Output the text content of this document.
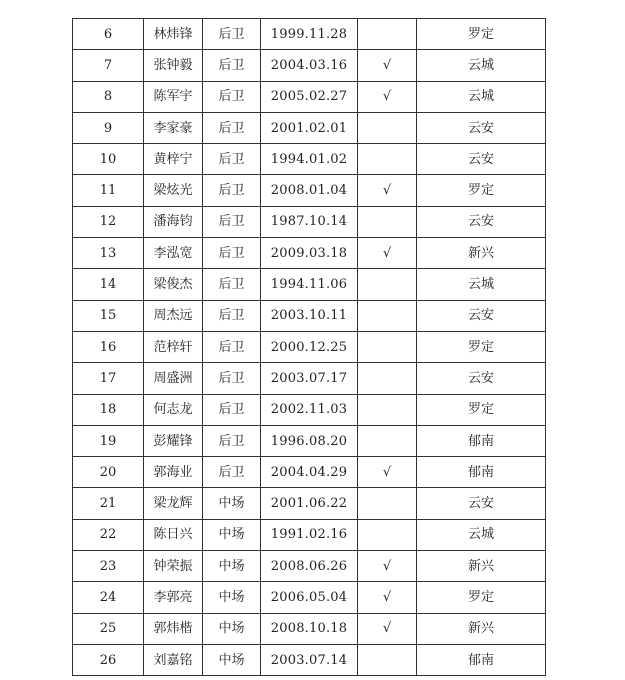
6	林炜锋	后卫	1999.11.28		罗定
7	张钟毅	后卫	2004.03.16	√	云城
8	陈军宇	后卫	2005.02.27	√	云城
9	李家豪	后卫	2001.02.01		云安
10	黄梓宁	后卫	1994.01.02		云安
11	梁炫光	后卫	2008.01.04	√	罗定
12	潘海钧	后卫	1987.10.14		云安
13	李泓宽	后卫	2009.03.18	√	新兴
14	梁俊杰	后卫	1994.11.06		云城
15	周杰远	后卫	2003.10.11		云安
16	范梓轩	后卫	2000.12.25		罗定
17	周盛洲	后卫	2003.07.17		云安
18	何志龙	后卫	2002.11.03		罗定
19	彭耀锋	后卫	1996.08.20		郁南
20	郭海业	后卫	2004.04.29	√	郁南
21	梁龙辉	中场	2001.06.22		云安
22	陈日兴	中场	1991.02.16		云城
23	钟荣振	中场	2008.06.26	√	新兴
24	李郭亮	中场	2006.05.04	√	罗定
25	郭炜楷	中场	2008.10.18	√	新兴
26	刘嘉铭	中场	2003.07.14		郁南
